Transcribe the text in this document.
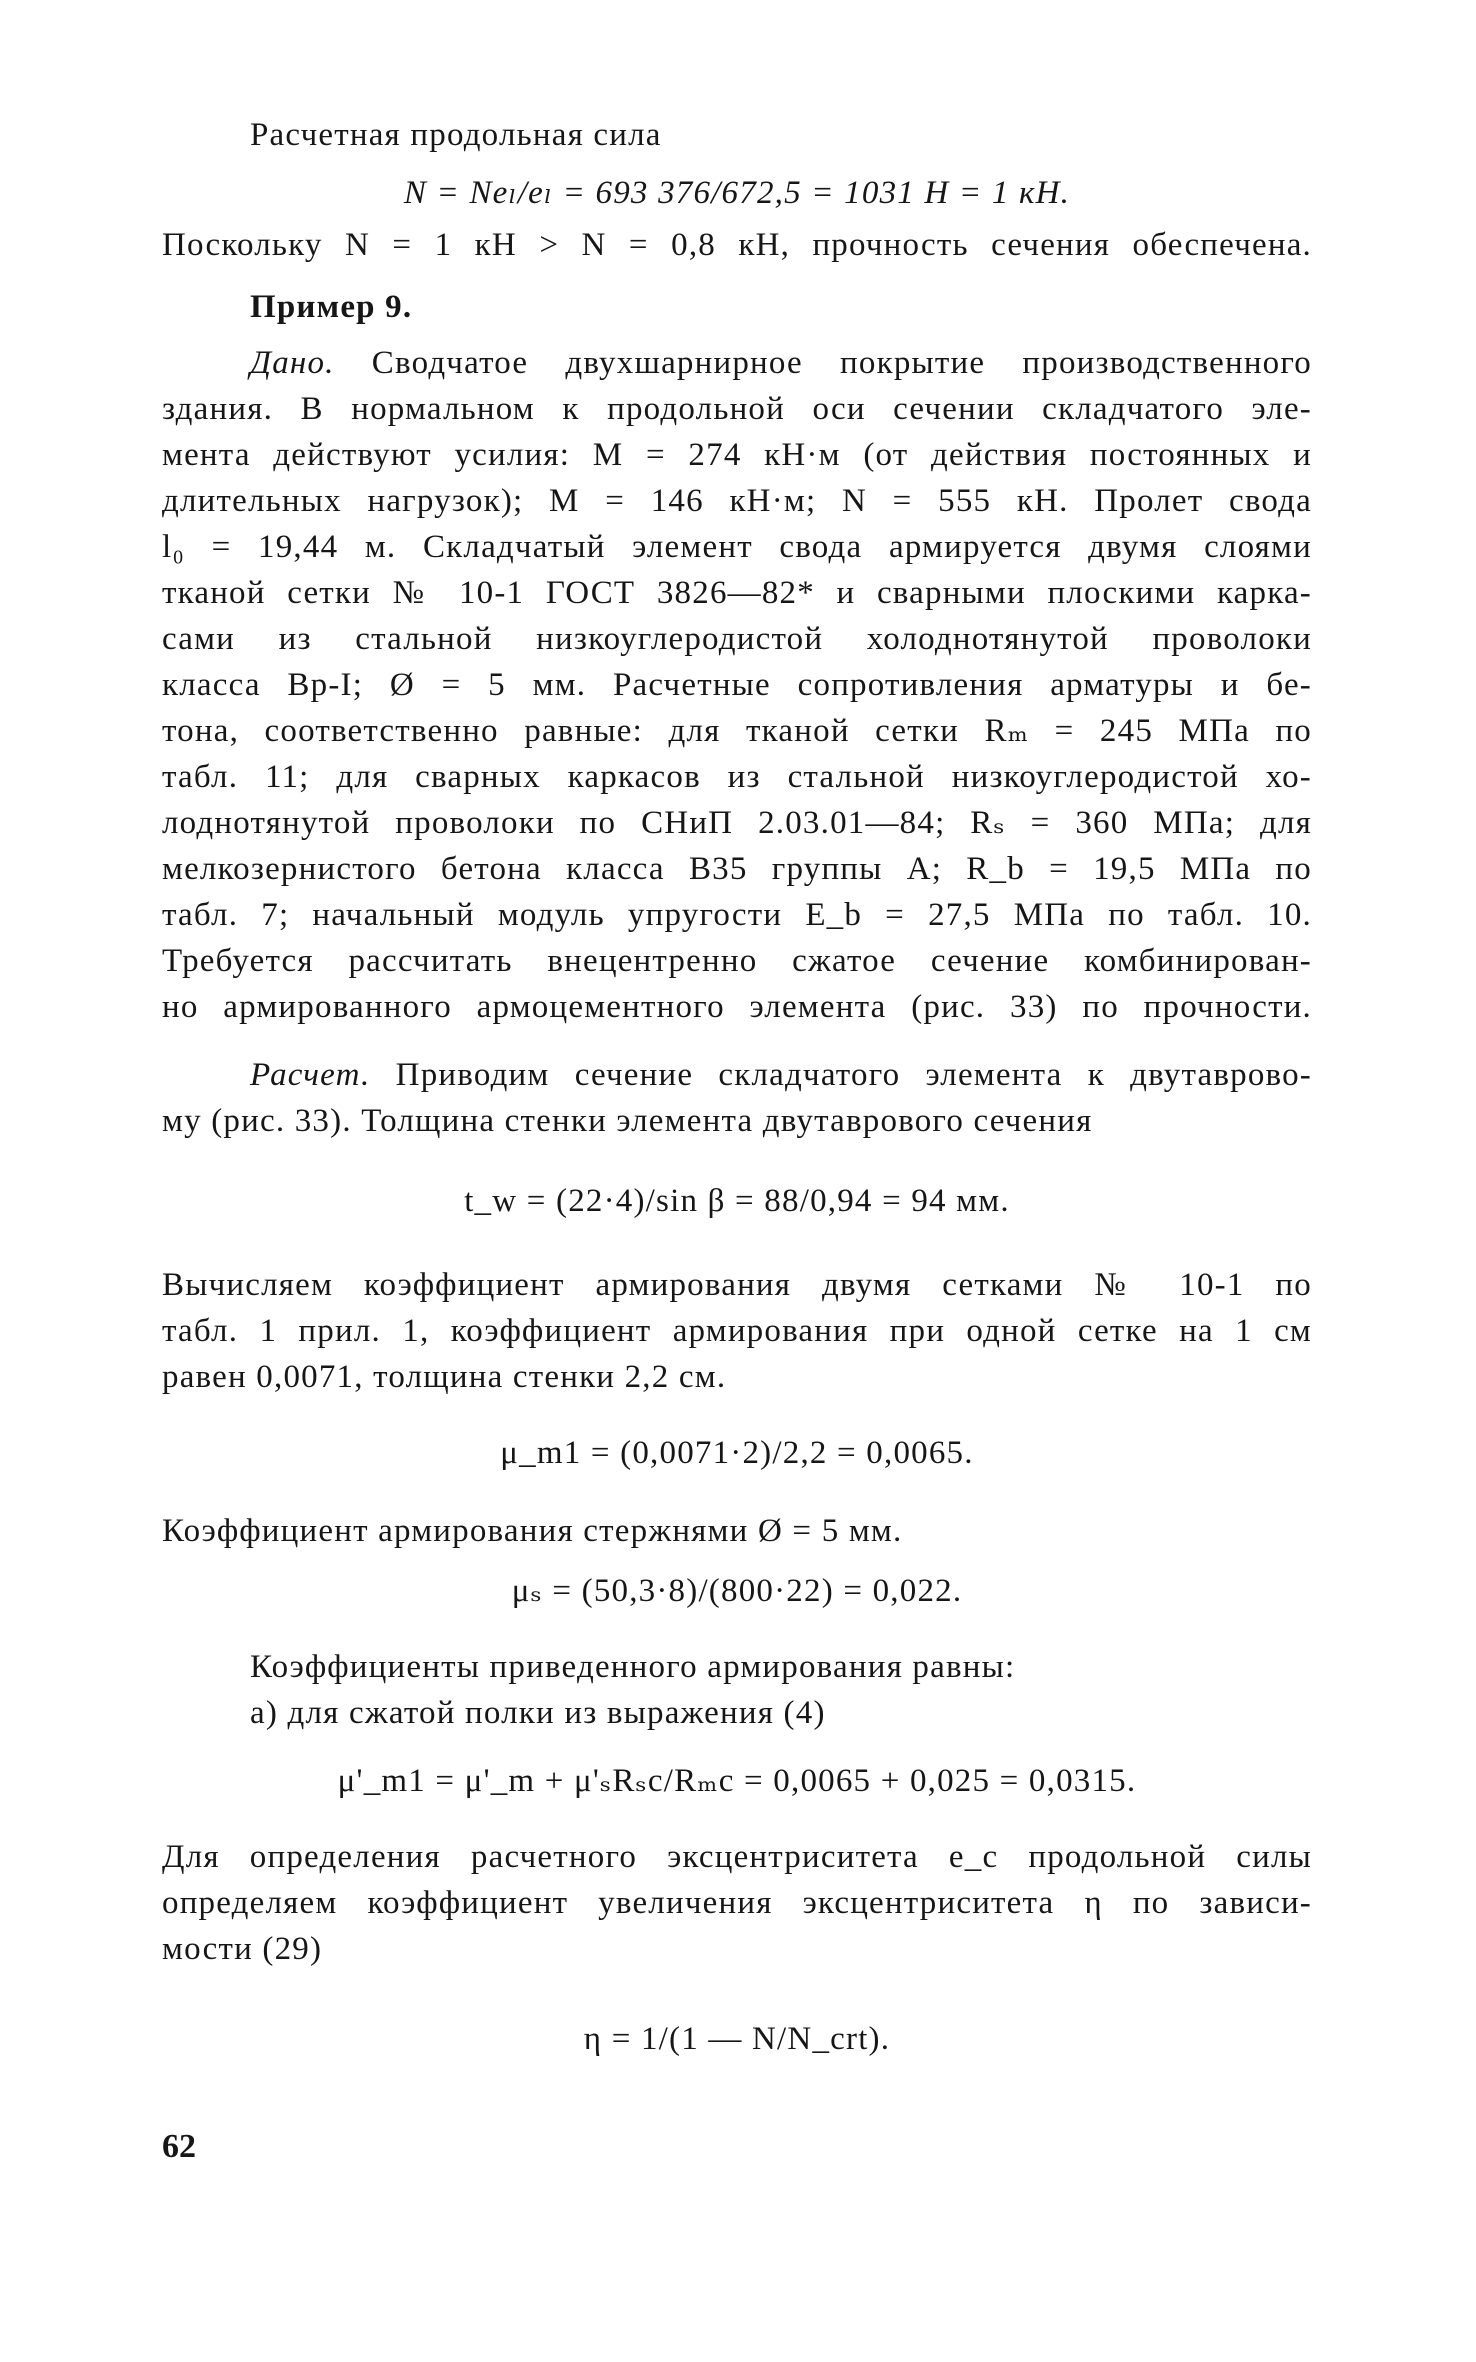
Расчетная продольная сила
N = Neₗ/eₗ = 693 376/672,5 = 1031 Н = 1 кН.
Поскольку N = 1 кН > N = 0,8 кН, прочность сечения обеспечена.
Пример 9.
Дано. Сводчатое двухшарнирное покрытие производственного
здания. В нормальном к продольной оси сечении складчатого эле-
мента действуют усилия: M = 274 кН·м (от действия постоянных и
длительных нагрузок); M = 146 кН·м; N = 555 кН. Пролет свода
l₀ = 19,44 м. Складчатый элемент свода армируется двумя слоями
тканой сетки № 10-1 ГОСТ 3826—82* и сварными плоскими карка-
сами из стальной низкоуглеродистой холоднотянутой проволоки
класса Вр-I; Ø = 5 мм. Расчетные сопротивления арматуры и бе-
тона, соответственно равные: для тканой сетки Rₘ = 245 МПа по
табл. 11; для сварных каркасов из стальной низкоуглеродистой хо-
лоднотянутой проволоки по СНиП 2.03.01—84; Rₛ = 360 МПа; для
мелкозернистого бетона класса В35 группы А; R_b = 19,5 МПа по
табл. 7; начальный модуль упругости E_b = 27,5 МПа по табл. 10.
Требуется рассчитать внецентренно сжатое сечение комбинирован-
но армированного армоцементного элемента (рис. 33) по прочности.
Расчет. Приводим сечение складчатого элемента к двутаврово-
му (рис. 33). Толщина стенки элемента двутаврового сечения
t_w = (22·4)/sin β = 88/0,94 = 94 мм.
Вычисляем коэффициент армирования двумя сетками № 10-1 по
табл. 1 прил. 1, коэффициент армирования при одной сетке на 1 см
равен 0,0071, толщина стенки 2,2 см.
μ_m1 = (0,0071·2)/2,2 = 0,0065.
Коэффициент армирования стержнями Ø = 5 мм.
μₛ = (50,3·8)/(800·22) = 0,022.
Коэффициенты приведенного армирования равны:
а) для сжатой полки из выражения (4)
μ'_m1 = μ'_m + μ'ₛRₛc/Rₘc = 0,0065 + 0,025 = 0,0315.
Для определения расчетного эксцентриситета e_c продольной силы
определяем коэффициент увеличения эксцентриситета η по зависи-
мости (29)
η = 1/(1 — N/N_crt).
62
